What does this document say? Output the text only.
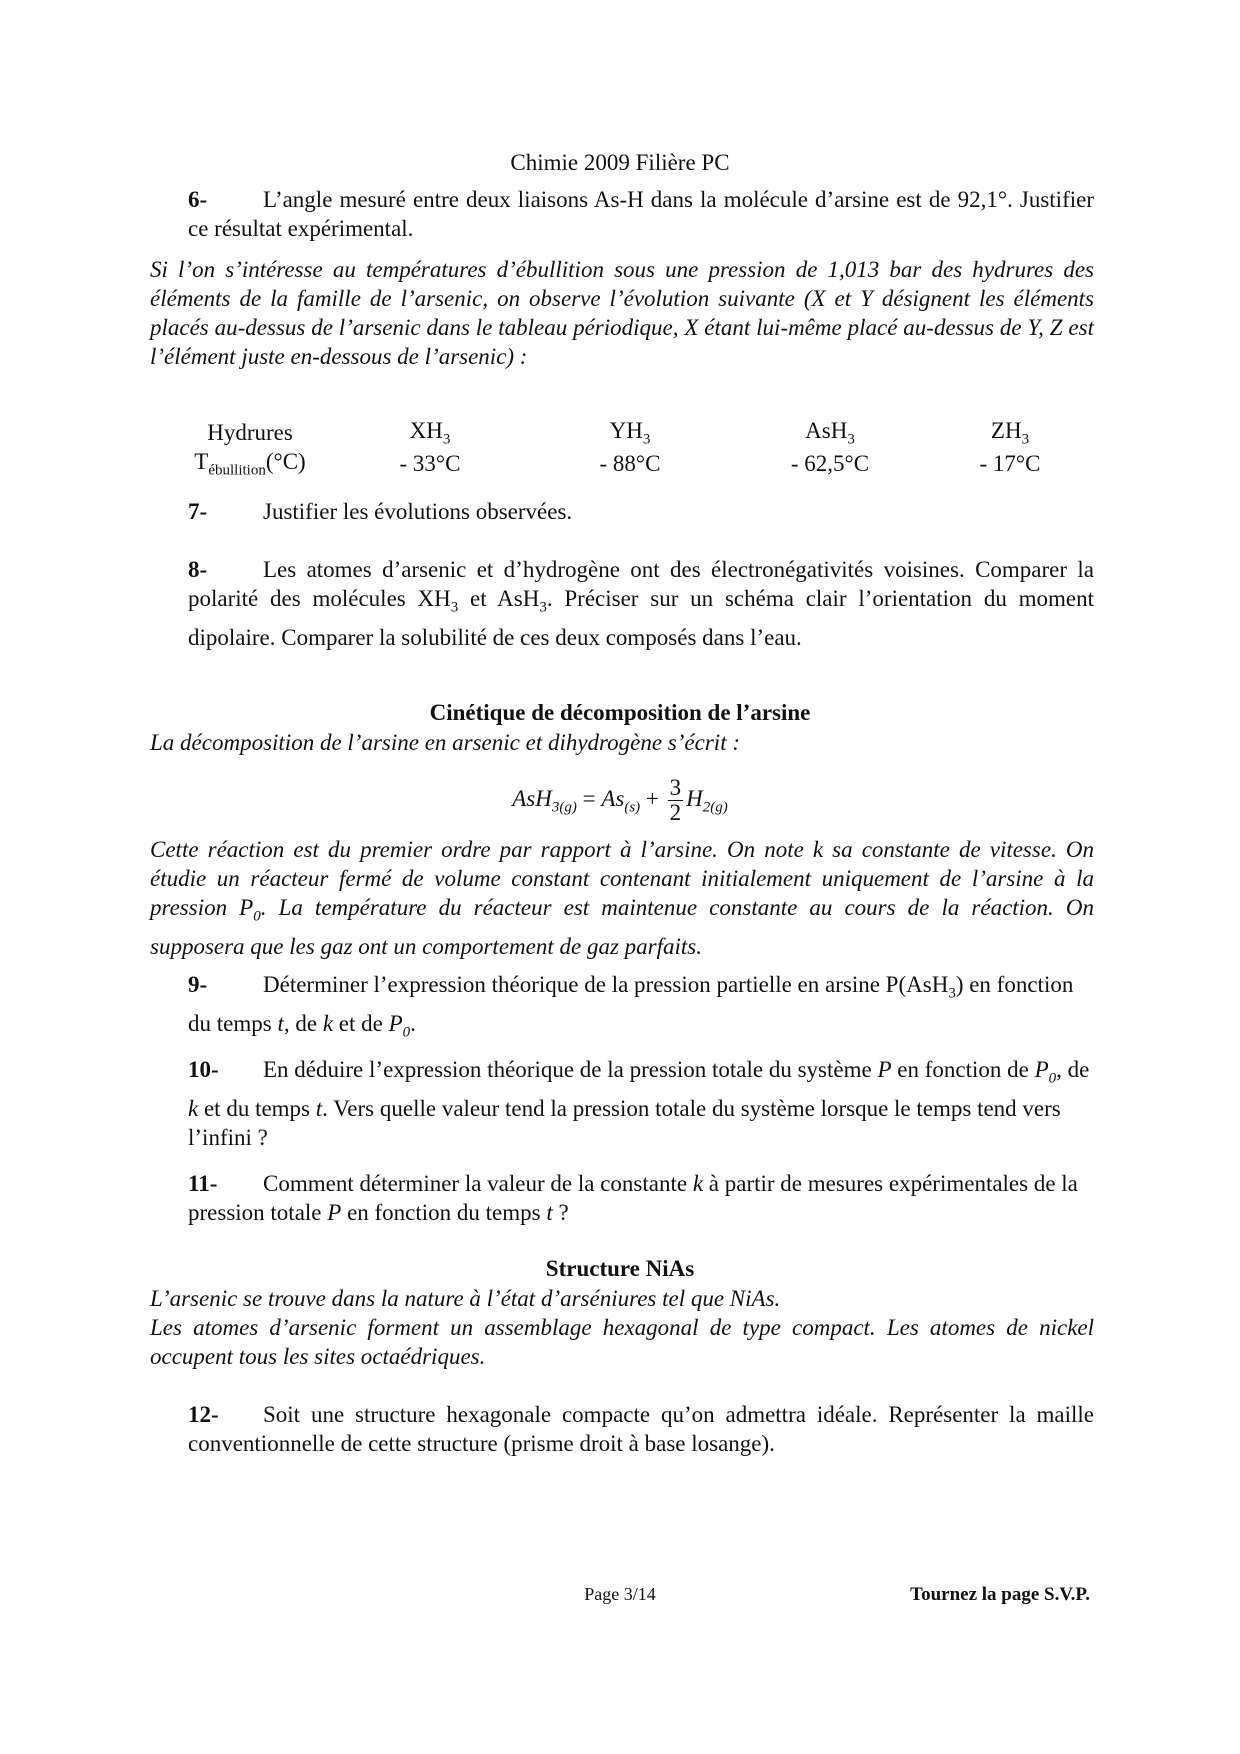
Chimie 2009 Filière PC
6- L’angle mesuré entre deux liaisons As-H dans la molécule d’arsine est de 92,1°. Justifier ce résultat expérimental.
Si l’on s’intéresse au températures d’ébullition sous une pression de 1,013 bar des hydrures des éléments de la famille de l’arsenic, on observe l’évolution suivante (X et Y désignent les éléments placés au-dessus de l’arsenic dans le tableau périodique, X étant lui-même placé au-dessus de Y, Z est l’élément juste en-dessous de l’arsenic) :
Hydrures	$XH_3$	$YH_3$	AsH$_3$	$ZH_3$
$T_{ébullition}(^\circ C)$	- 33°C	- 88°C	- 62,5°C	- 17°C
7- Justifier les évolutions observées.
8- Les atomes d’arsenic et d’hydrogène ont des électronégativités voisines. Comparer la polarité des molécules $XH_3$ et AsH$_3$. Préciser sur un schéma clair l’orientation du moment dipolaire. Comparer la solubilité de ces deux composés dans l’eau.
Cinétique de décomposition de l’arsine
La décomposition de l’arsine en arsenic et dihydrogène s’écrit :
$AsH_{3(g)} = As_{(s)} + \frac{3}{2} H_{2(g)}$
Cette réaction est du premier ordre par rapport à l’arsine. On note k sa constante de vitesse. On étudie un réacteur fermé de volume constant contenant initialement uniquement de l’arsine à la pression $P_0$. La température du réacteur est maintenue constante au cours de la réaction. On supposera que les gaz ont un comportement de gaz parfaits.
9- Déterminer l’expression théorique de la pression partielle en arsine P(AsH$_3$) en fonction du temps t, de k et de $P_0$.
10- En déduire l’expression théorique de la pression totale du système P en fonction de $P_0$, de k et du temps t. Vers quelle valeur tend la pression totale du système lorsque le temps tend vers l’infini ?
11- Comment déterminer la valeur de la constante k à partir de mesures expérimentales de la pression totale P en fonction du temps t ?
Structure NiAs
L’arsenic se trouve dans la nature à l’état d’arséniures tel que NiAs.
Les atomes d’arsenic forment un assemblage hexagonal de type compact. Les atomes de nickel occupent tous les sites octaédriques.
12- Soit une structure hexagonale compacte qu’on admettra idéale. Représenter la maille conventionnelle de cette structure (prisme droit à base losange).
Page 3/14	Tournez la page S.V.P.
